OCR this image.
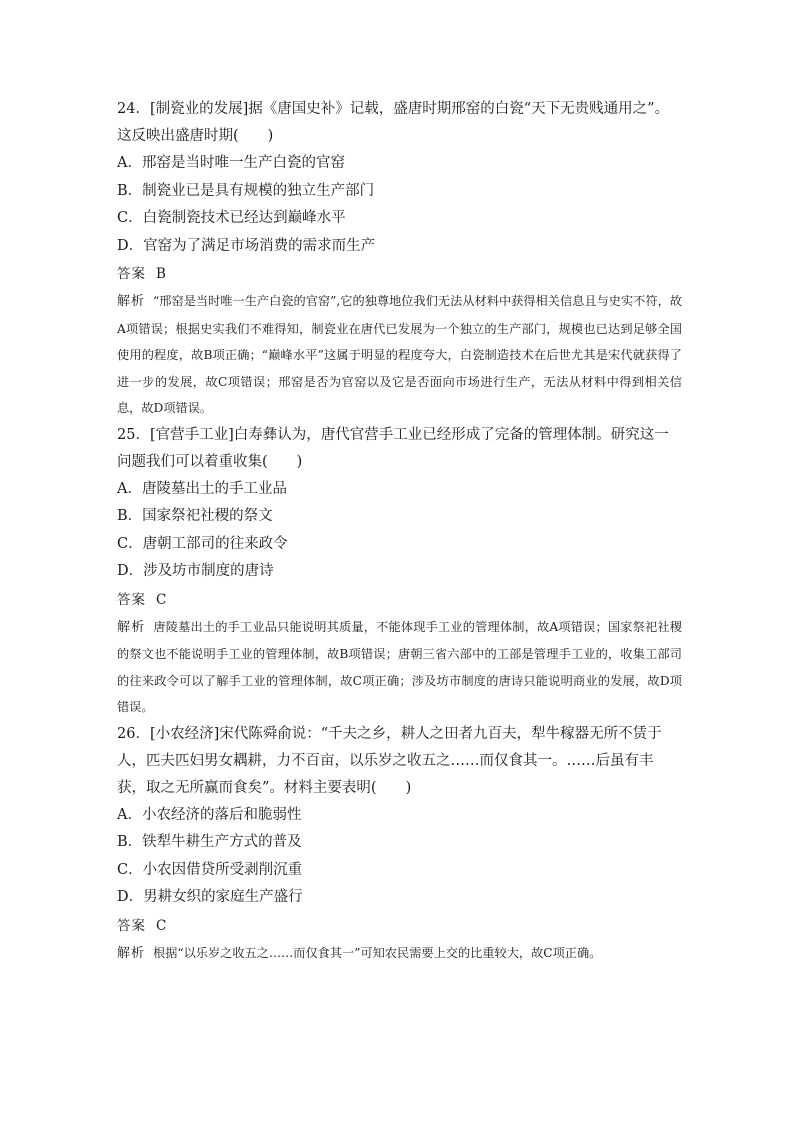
24．[制瓷业的发展]据《唐国史补》记载，盛唐时期邢窑的白瓷“天下无贵贱通用之”。这反映出盛唐时期(　　)

A．邢窑是当时唯一生产白瓷的官窑

B．制瓷业已是具有规模的独立生产部门

C．白瓷制瓷技术已经达到巅峰水平

D．官窑为了满足市场消费的需求而生产

答案 B

解析 “邢窑是当时唯一生产白瓷的官窑”,它的独尊地位我们无法从材料中获得相关信息且与史实不符，故A项错误；根据史实我们不难得知，制瓷业在唐代已发展为一个独立的生产部门，规模也已达到足够全国使用的程度，故B项正确；“巅峰水平”这属于明显的程度夸大，白瓷制造技术在后世尤其是宋代就获得了进一步的发展，故C项错误；邢窑是否为官窑以及它是否面向市场进行生产，无法从材料中得到相关信息，故D项错误。

25．[官营手工业]白寿彝认为，唐代官营手工业已经形成了完备的管理体制。研究这一问题我们可以着重收集(　　)

A．唐陵墓出土的手工业品

B．国家祭祀社稷的祭文

C．唐朝工部司的往来政令

D．涉及坊市制度的唐诗

答案 C

解析 唐陵墓出土的手工业品只能说明其质量，不能体现手工业的管理体制，故A项错误；国家祭祀社稷的祭文也不能说明手工业的管理体制，故B项错误；唐朝三省六部中的工部是管理手工业的，收集工部司的往来政令可以了解手工业的管理体制，故C项正确；涉及坊市制度的唐诗只能说明商业的发展，故D项错误。

26．[小农经济]宋代陈舜俞说：“千夫之乡，耕人之田者九百夫，犁牛稼器无所不赁于人，匹夫匹妇男女耦耕，力不百亩，以乐岁之收五之……而仅食其一。……后虽有丰获，取之无所赢而食矣”。材料主要表明(　　)

A．小农经济的落后和脆弱性

B．铁犁牛耕生产方式的普及

C．小农因借贷所受剥削沉重

D．男耕女织的家庭生产盛行

答案 C

解析 根据“以乐岁之收五之……而仅食其一”可知农民需要上交的比重较大，故C项正确。
